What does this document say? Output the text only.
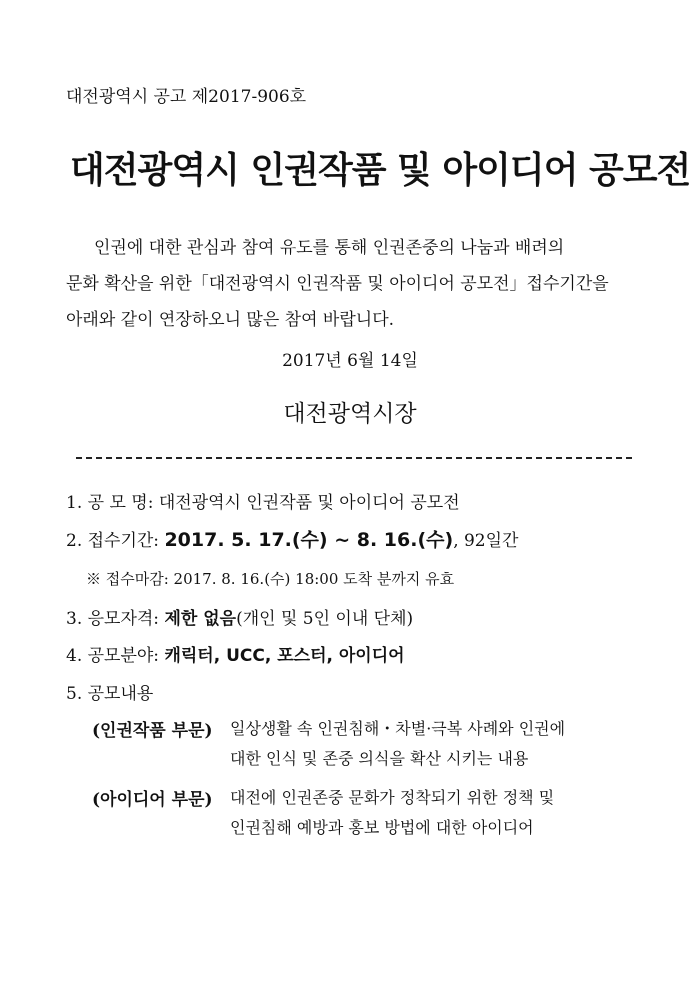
대전광역시 공고 제2017-906호
대전광역시 인권작품 및 아이디어 공모전
인권에 대한 관심과 참여 유도를 통해 인권존중의 나눔과 배려의
문화 확산을 위한「대전광역시 인권작품 및 아이디어 공모전」접수기간을
아래와 같이 연장하오니 많은 참여 바랍니다.
2017년 6월 14일
대전광역시장
1. 공 모 명: 대전광역시 인권작품 및 아이디어 공모전
2. 접수기간: 2017. 5. 17.(수) ~ 8. 16.(수), 92일간
※ 접수마감: 2017. 8. 16.(수) 18:00 도착 분까지 유효
3. 응모자격: 제한 없음(개인 및 5인 이내 단체)
4. 공모분야: 캐릭터, UCC, 포스터, 아이디어
5. 공모내용
(인권작품 부문) 일상생활 속 인권침해・차별·극복 사례와 인권에
대한 인식 및 존중 의식을 확산 시키는 내용
(아이디어 부문) 대전에 인권존중 문화가 정착되기 위한 정책 및
인권침해 예방과 홍보 방법에 대한 아이디어
